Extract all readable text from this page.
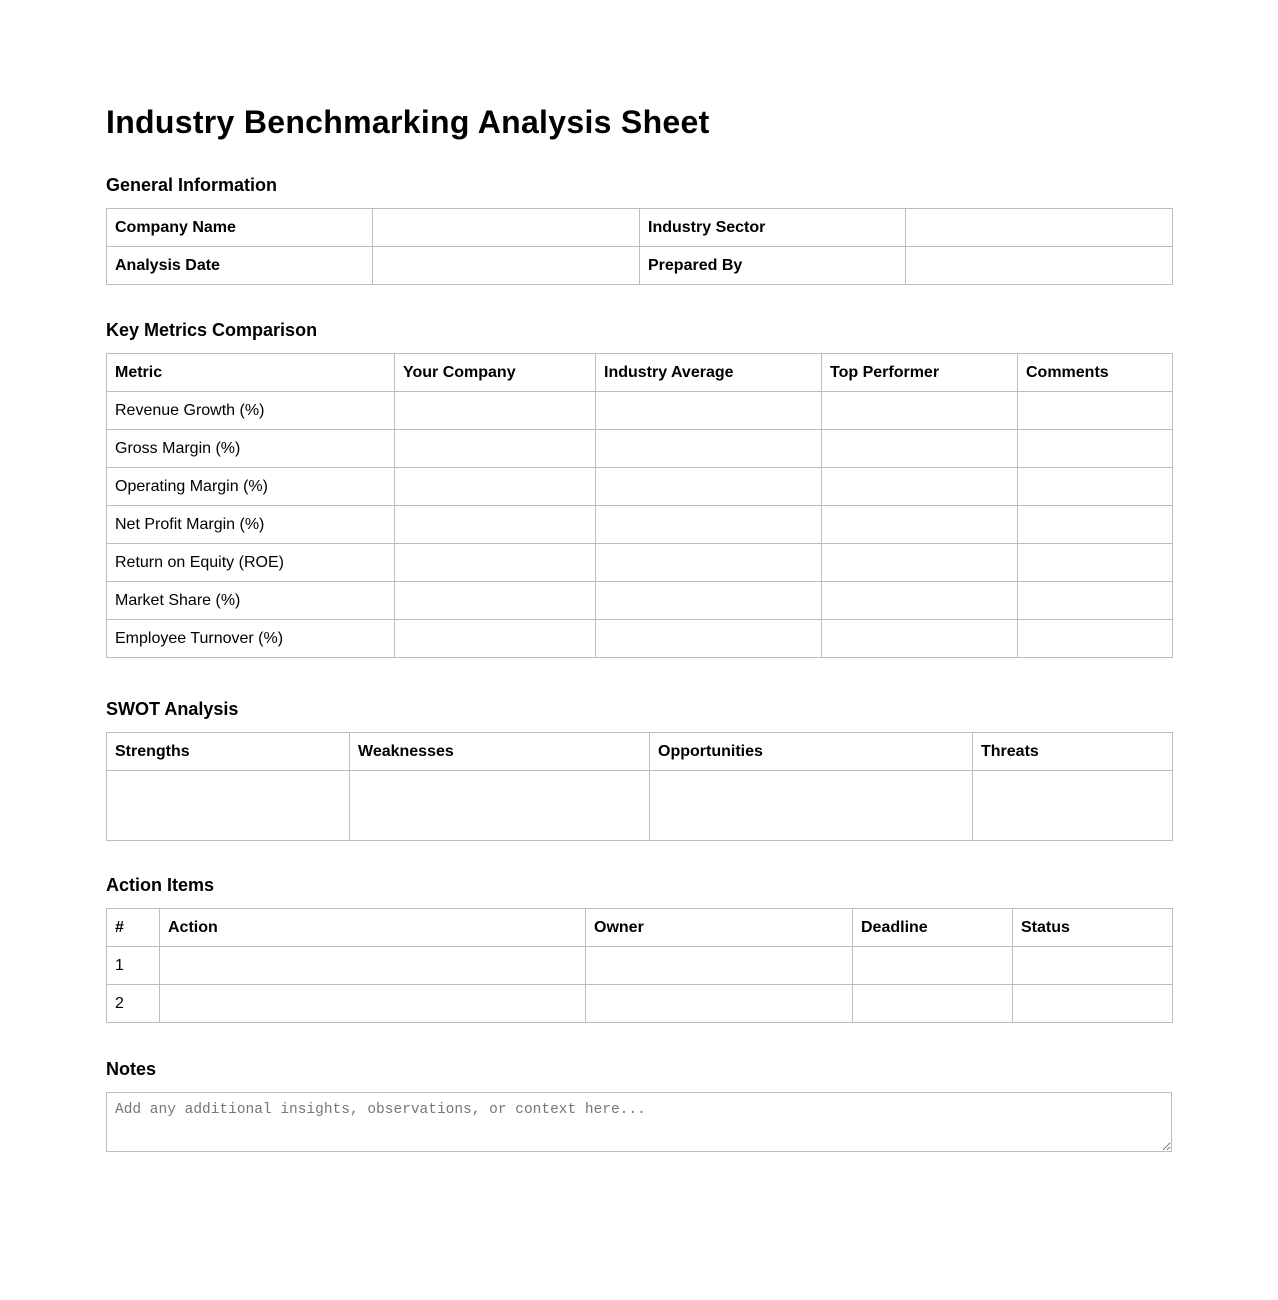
Industry Benchmarking Analysis Sheet
General Information
Company Name		Industry Sector	
Analysis Date		Prepared By	
Key Metrics Comparison
Metric	Your Company	Industry Average	Top Performer	Comments
Revenue Growth (%)				
Gross Margin (%)				
Operating Margin (%)				
Net Profit Margin (%)				
Return on Equity (ROE)				
Market Share (%)				
Employee Turnover (%)				
SWOT Analysis
Strengths	Weaknesses	Opportunities	Threats

Action Items
#	Action	Owner	Deadline	Status
1				
2				
Notes
Add any additional insights, observations, or context here...
